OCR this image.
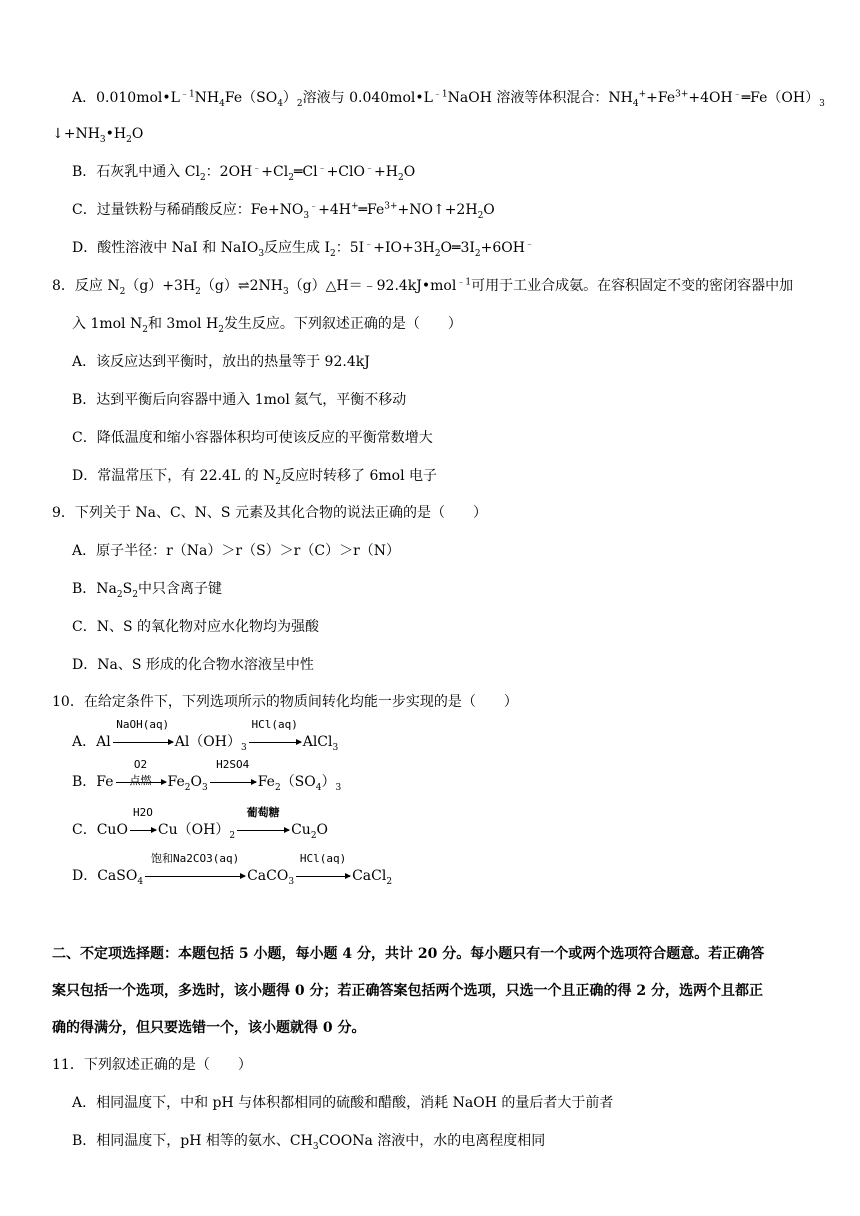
A．$0.010mol•L^{﹣1}NH_4Fe(SO_4)_2$溶液与 $0.040mol•L^{﹣1}NaOH$ 溶液等体积混合：$NH_4^++Fe^{3+}+4OH^﹣═Fe(OH)_3$
$↓+NH_3•H_2O$
B．石灰乳中通入 $Cl_2$：$2OH^﹣+Cl_2═Cl^﹣+ClO^﹣+H_2O$
C．过量铁粉与稀硝酸反应：$Fe+NO_3^﹣+4H^+═Fe^{3+}+NO↑+2H_2O$
D．酸性溶液中 NaI 和 NaIO$_3$反应生成 $I_2$：$5I^﹣+IO+3H_2O═3I_2+6OH^﹣$
8．反应 $N_2(g)+3H_2(g)\rightleftharpoons 2NH_3(g)\triangle H=﹣92.4kJ•mol^{﹣1}$可用于工业合成氨。在容积固定不变的密闭容器中加
入 1mol $N_2$和 3mol $H_2$发生反应。下列叙述正确的是（　　）
A．该反应达到平衡时，放出的热量等于 92.4kJ
B．达到平衡后向容器中通入 1mol 氦气，平衡不移动
C．降低温度和缩小容器体积均可使该反应的平衡常数增大
D．常温常压下，有 22.4L 的 $N_2$反应时转移了 6mol 电子
9．下列关于 Na、C、N、S 元素及其化合物的说法正确的是（　　）
A．原子半径：r（Na）＞r（S）＞r（C）＞r（N）
B．$Na_2S_2$中只含离子键
C．N、S 的氧化物对应水化物均为强酸
D．Na、S 形成的化合物水溶液呈中性
10．在给定条件下，下列选项所示的物质间转化均能一步实现的是（　　）
A．Al
NaOH(aq)
$Al(OH)_3$
HCl(aq)
AlCl$_3$
B．Fe
O2
点燃	$Fe_2O_3$
H2SO4
$Fe_2(SO_4)_3$
C．CuO
H2O
$Cu(OH)_2$
葡萄糖
$Cu_2O$
D．CaSO$_4$
饱和Na2CO3(aq)
CaCO$_3$
HCl(aq)
CaCl$_2$
二、不定项选择题：本题包括 5 小题，每小题 4 分，共计 20 分。每小题只有一个或两个选项符合题意。若正确答
案只包括一个选项，多选时，该小题得 0 分；若正确答案包括两个选项，只选一个且正确的得 2 分，选两个且都正
确的得满分，但只要选错一个，该小题就得 0 分。
11．下列叙述正确的是（　　）
A．相同温度下，中和 pH 与体积都相同的硫酸和醋酸，消耗 NaOH 的量后者大于前者
B．相同温度下，pH 相等的氨水、$CH_3COONa$ 溶液中，水的电离程度相同
